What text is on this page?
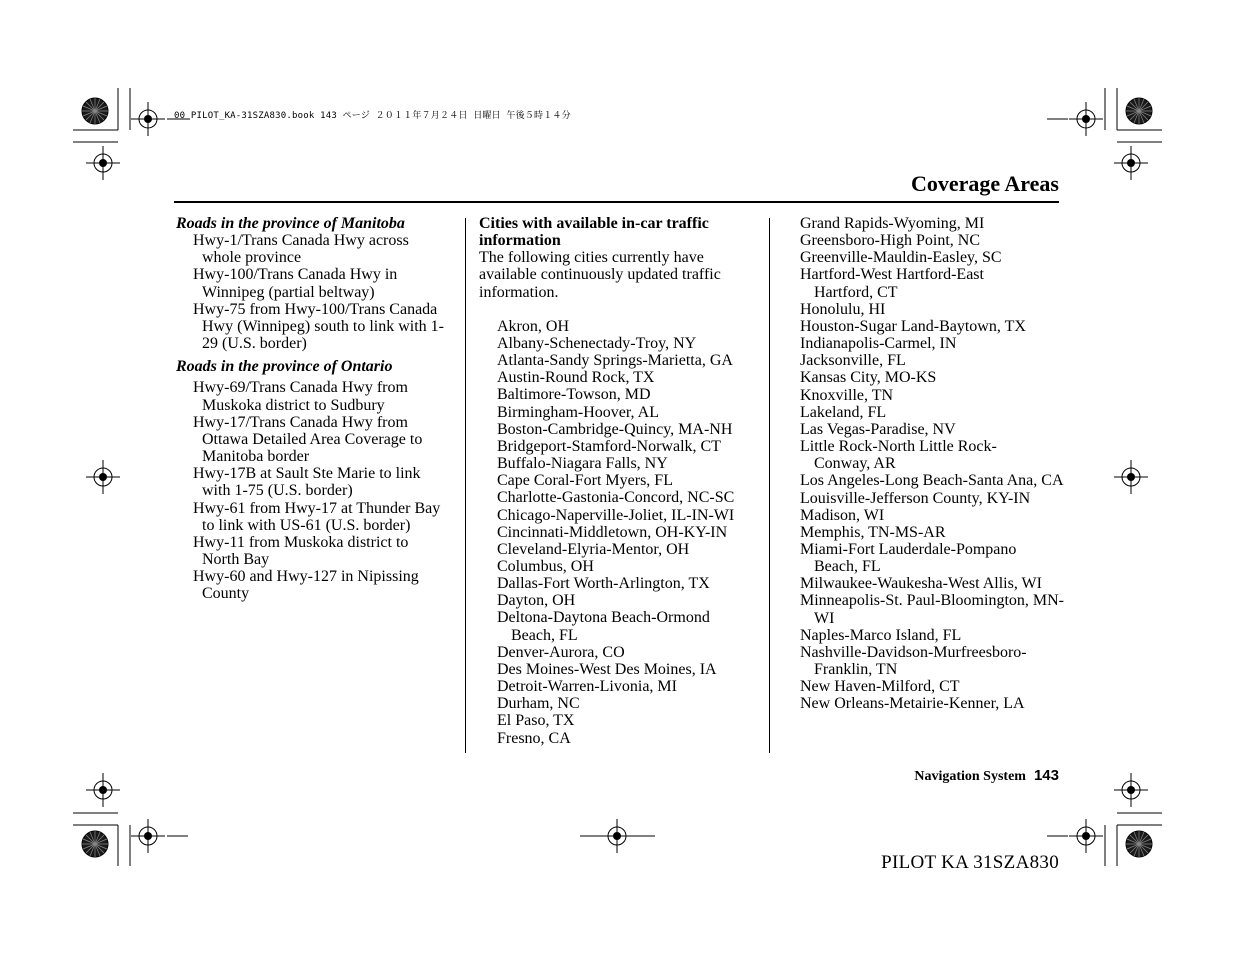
00 PILOT_KA-31SZA830.book 143 ページ ２０１１年７月２４日 日曜日 午後５時１４分
Coverage Areas
Roads in the province of Manitoba
Hwy-1/Trans Canada Hwy across whole province
Hwy-100/Trans Canada Hwy in Winnipeg (partial beltway)
Hwy-75 from Hwy-100/Trans Canada Hwy (Winnipeg) south to link with 1-29 (U.S. border)
Roads in the province of Ontario
Hwy-69/Trans Canada Hwy from Muskoka district to Sudbury
Hwy-17/Trans Canada Hwy from Ottawa Detailed Area Coverage to Manitoba border
Hwy-17B at Sault Ste Marie to link with 1-75 (U.S. border)
Hwy-61 from Hwy-17 at Thunder Bay to link with US-61 (U.S. border)
Hwy-11 from Muskoka district to North Bay
Hwy-60 and Hwy-127 in Nipissing County
Cities with available in-car traffic information
The following cities currently have available continuously updated traffic information.
Akron, OH
Albany-Schenectady-Troy, NY
Atlanta-Sandy Springs-Marietta, GA
Austin-Round Rock, TX
Baltimore-Towson, MD
Birmingham-Hoover, AL
Boston-Cambridge-Quincy, MA-NH
Bridgeport-Stamford-Norwalk, CT
Buffalo-Niagara Falls, NY
Cape Coral-Fort Myers, FL
Charlotte-Gastonia-Concord, NC-SC
Chicago-Naperville-Joliet, IL-IN-WI
Cincinnati-Middletown, OH-KY-IN
Cleveland-Elyria-Mentor, OH
Columbus, OH
Dallas-Fort Worth-Arlington, TX
Dayton, OH
Deltona-Daytona Beach-Ormond Beach, FL
Denver-Aurora, CO
Des Moines-West Des Moines, IA
Detroit-Warren-Livonia, MI
Durham, NC
El Paso, TX
Fresno, CA
Grand Rapids-Wyoming, MI
Greensboro-High Point, NC
Greenville-Mauldin-Easley, SC
Hartford-West Hartford-East Hartford, CT
Honolulu, HI
Houston-Sugar Land-Baytown, TX
Indianapolis-Carmel, IN
Jacksonville, FL
Kansas City, MO-KS
Knoxville, TN
Lakeland, FL
Las Vegas-Paradise, NV
Little Rock-North Little Rock-Conway, AR
Los Angeles-Long Beach-Santa Ana, CA
Louisville-Jefferson County, KY-IN
Madison, WI
Memphis, TN-MS-AR
Miami-Fort Lauderdale-Pompano Beach, FL
Milwaukee-Waukesha-West Allis, WI
Minneapolis-St. Paul-Bloomington, MN-WI
Naples-Marco Island, FL
Nashville-Davidson-Murfreesboro-Franklin, TN
New Haven-Milford, CT
New Orleans-Metairie-Kenner, LA
Navigation System 143
PILOT KA 31SZA830
